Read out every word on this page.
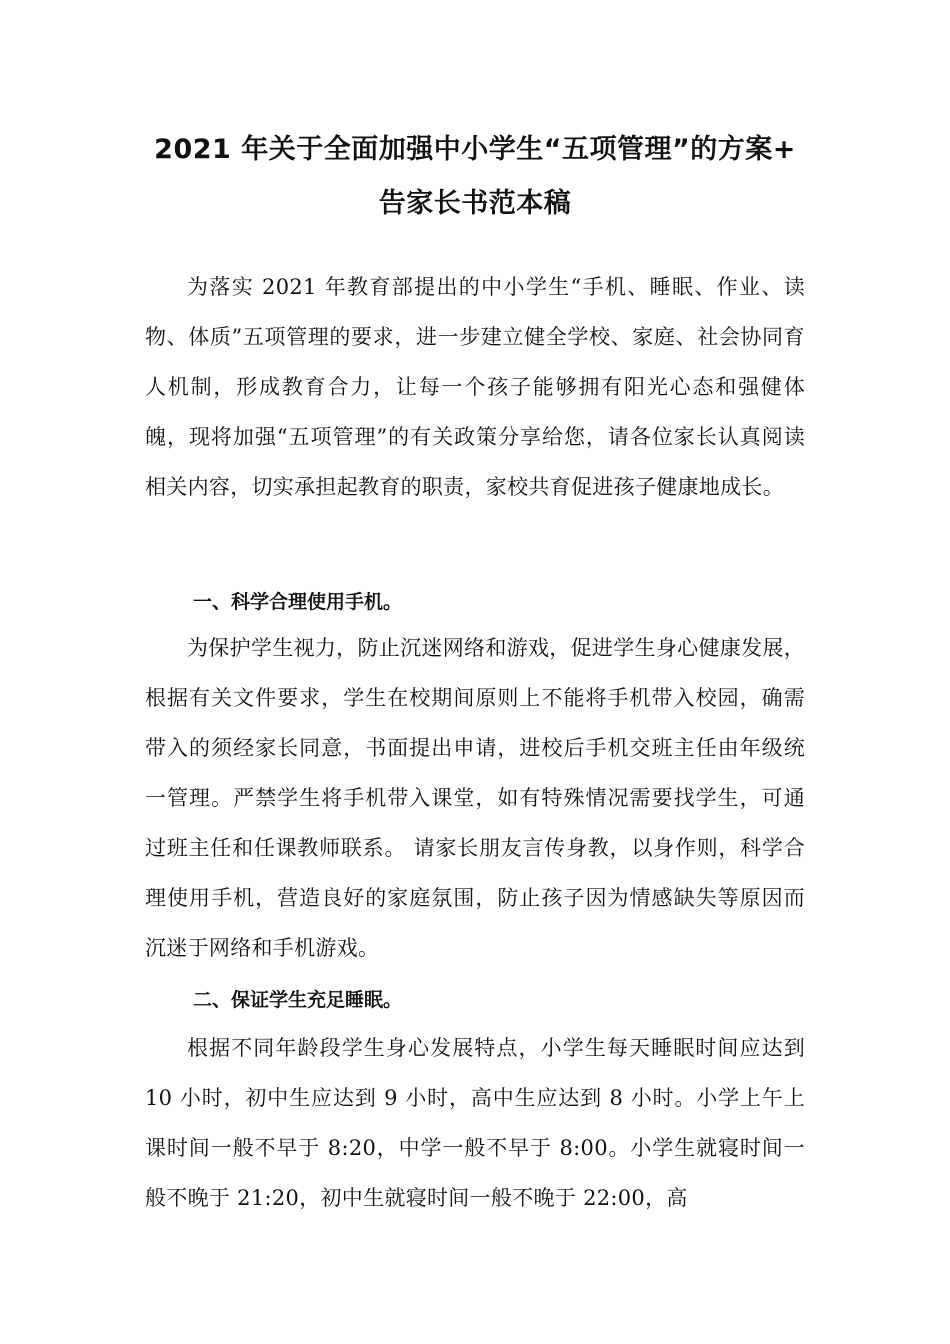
2021 年关于全面加强中小学生“五项管理”的方案+
告家长书范本稿

为落实 2021 年教育部提出的中小学生“手机、睡眠、作业、读物、体质”五项管理的要求，进一步建立健全学校、家庭、社会协同育人机制，形成教育合力，让每一个孩子能够拥有阳光心态和强健体魄，现将加强“五项管理”的有关政策分享给您，请各位家长认真阅读相关内容，切实承担起教育的职责，家校共育促进孩子健康地成长。

一、科学合理使用手机。

为保护学生视力，防止沉迷网络和游戏，促进学生身心健康发展，根据有关文件要求，学生在校期间原则上不能将手机带入校园，确需带入的须经家长同意，书面提出申请，进校后手机交班主任由年级统一管理。严禁学生将手机带入课堂，如有特殊情况需要找学生，可通过班主任和任课教师联系。 请家长朋友言传身教，以身作则，科学合理使用手机，营造良好的家庭氛围，防止孩子因为情感缺失等原因而沉迷于网络和手机游戏。

二、保证学生充足睡眠。

根据不同年龄段学生身心发展特点，小学生每天睡眠时间应达到 10 小时，初中生应达到 9 小时，高中生应达到 8 小时。小学上午上课时间一般不早于 8:20，中学一般不早于 8:00。小学生就寝时间一般不晚于 21:20，初中生就寝时间一般不晚于 22:00，高
